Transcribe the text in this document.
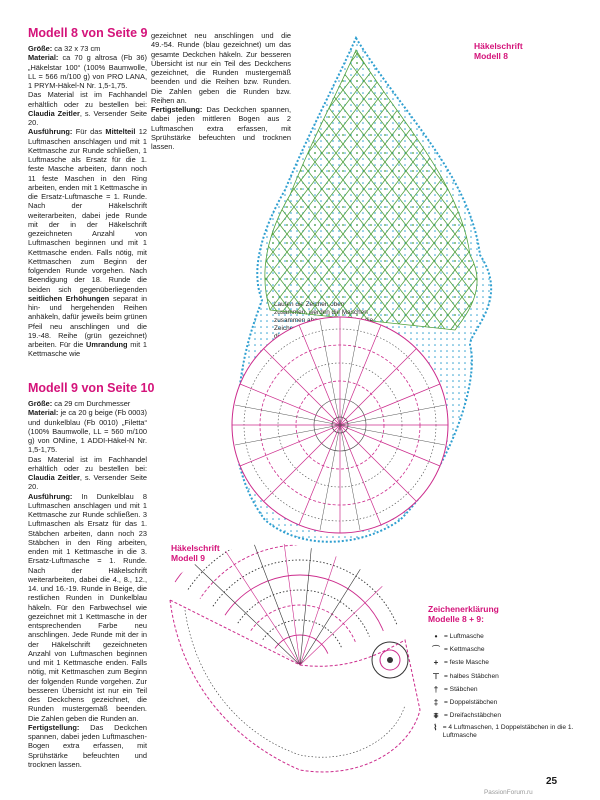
Modell 8 von Seite 9

Größe: ca 32 x 73 cm

Material: ca 70 g altrosa (Fb 36) „Häkelstar 100“ (100% Baumwolle, LL = 566 m/100 g) von PRO LANA, 1 PRYM-Häkel-N Nr. 1,5-1,75.

Das Material ist im Fachhandel erhältlich oder zu bestellen bei: Claudia Zeitler, s. Versender Seite 20.

Ausführung: Für das Mittelteil 12 Luftmaschen anschlagen und mit 1 Kettmasche zur Runde schließen, 1 Luftmasche als Ersatz für die 1. feste Masche arbeiten, dann noch 11 feste Maschen in den Ring arbeiten, enden mit 1 Kettmasche in die Ersatz-Luftmasche = 1. Runde. Nach der Häkelschrift weiterarbeiten, dabei jede Runde mit der in der Häkelschrift gezeichneten Anzahl von Luftmaschen beginnen und mit 1 Kettmasche enden. Falls nötig, mit Kettmaschen zum Beginn der folgenden Runde vorgehen. Nach Beendigung der 18. Runde die beiden sich gegenüberliegenden seitlichen Erhöhungen separat in hin- und hergehenden Reihen anhäkeln, dafür jeweils beim grünen Pfeil neu anschlingen und die 19.-48. Reihe (grün gezeichnet) arbeiten. Für die Umrandung mit 1 Kettmasche wie

gezeichnet neu anschlingen und die 49.-54. Runde (blau gezeichnet) um das gesamte Deckchen häkeln. Zur besseren Übersicht ist nur ein Teil des Deckchens gezeichnet, die Runden mustergemäß beenden und die Reihen bzw. Runden. Die Zahlen geben die Runden bzw. Reihen an.

Fertigstellung: Das Deckchen spannen, dabei jeden mittleren Bogen aus 2 Luftmaschen extra erfassen, mit Sprühstärke befeuchten und trocknen lassen.

Modell 9 von Seite 10

Größe: ca 29 cm Durchmesser

Material: je ca 20 g beige (Fb 0003) und dunkelblau (Fb 0010) „Filetta“ (100% Baumwolle, LL = 560 m/100 g) von ONline, 1 ADDI-Häkel-N Nr. 1,5-1,75.

Das Material ist im Fachhandel erhältlich oder zu bestellen bei: Claudia Zeitler, s. Versender Seite 20.

Ausführung: In Dunkelblau 8 Luftmaschen anschlagen und mit 1 Kettmasche zur Runde schließen. 3 Luftmaschen als Ersatz für das 1. Stäbchen arbeiten, dann noch 23 Stäbchen in den Ring arbeiten, enden mit 1 Kettmasche in die 3. Ersatz-Luftmasche = 1. Runde. Nach der Häkelschrift weiterarbeiten, dabei die 4., 8., 12., 14. und 16.-19. Runde in Beige, die restlichen Runden in Dunkelblau häkeln. Für den Farbwechsel wie gezeichnet mit 1 Kettmasche in der entsprechenden Farbe neu anschlingen. Jede Runde mit der in der Häkelschrift gezeichneten Anzahl von Luftmaschen beginnen und mit 1 Kettmasche enden. Falls nötig, mit Kettmaschen zum Beginn der folgenden Runde vorgehen. Zur besseren Übersicht ist nur ein Teil des Deckchens gezeichnet, die Runden mustergemäß beenden. Die Zahlen geben die Runden an.

Fertigstellung: Das Deckchen spannen, dabei jeden Luftmaschen-Bogen extra erfassen, mit Sprühstärke befeuchten und trocknen lassen.

Häkelschrift
Modell 8
Häkelschrift
Modell 9
Zeichenerklärung
Modelle 8 + 9:
• = Luftmasche
⌒ = Kettmasche
+ = feste Masche
⊤ = halbes Stäbchen
† = Stäbchen
‡ = Doppelstäbchen
⩨ = Dreifachstäbchen
⌇ = 4 Luftmaschen, 1 Doppelstäbchen in die 1. Luftmasche
25
PassionForum.ru
